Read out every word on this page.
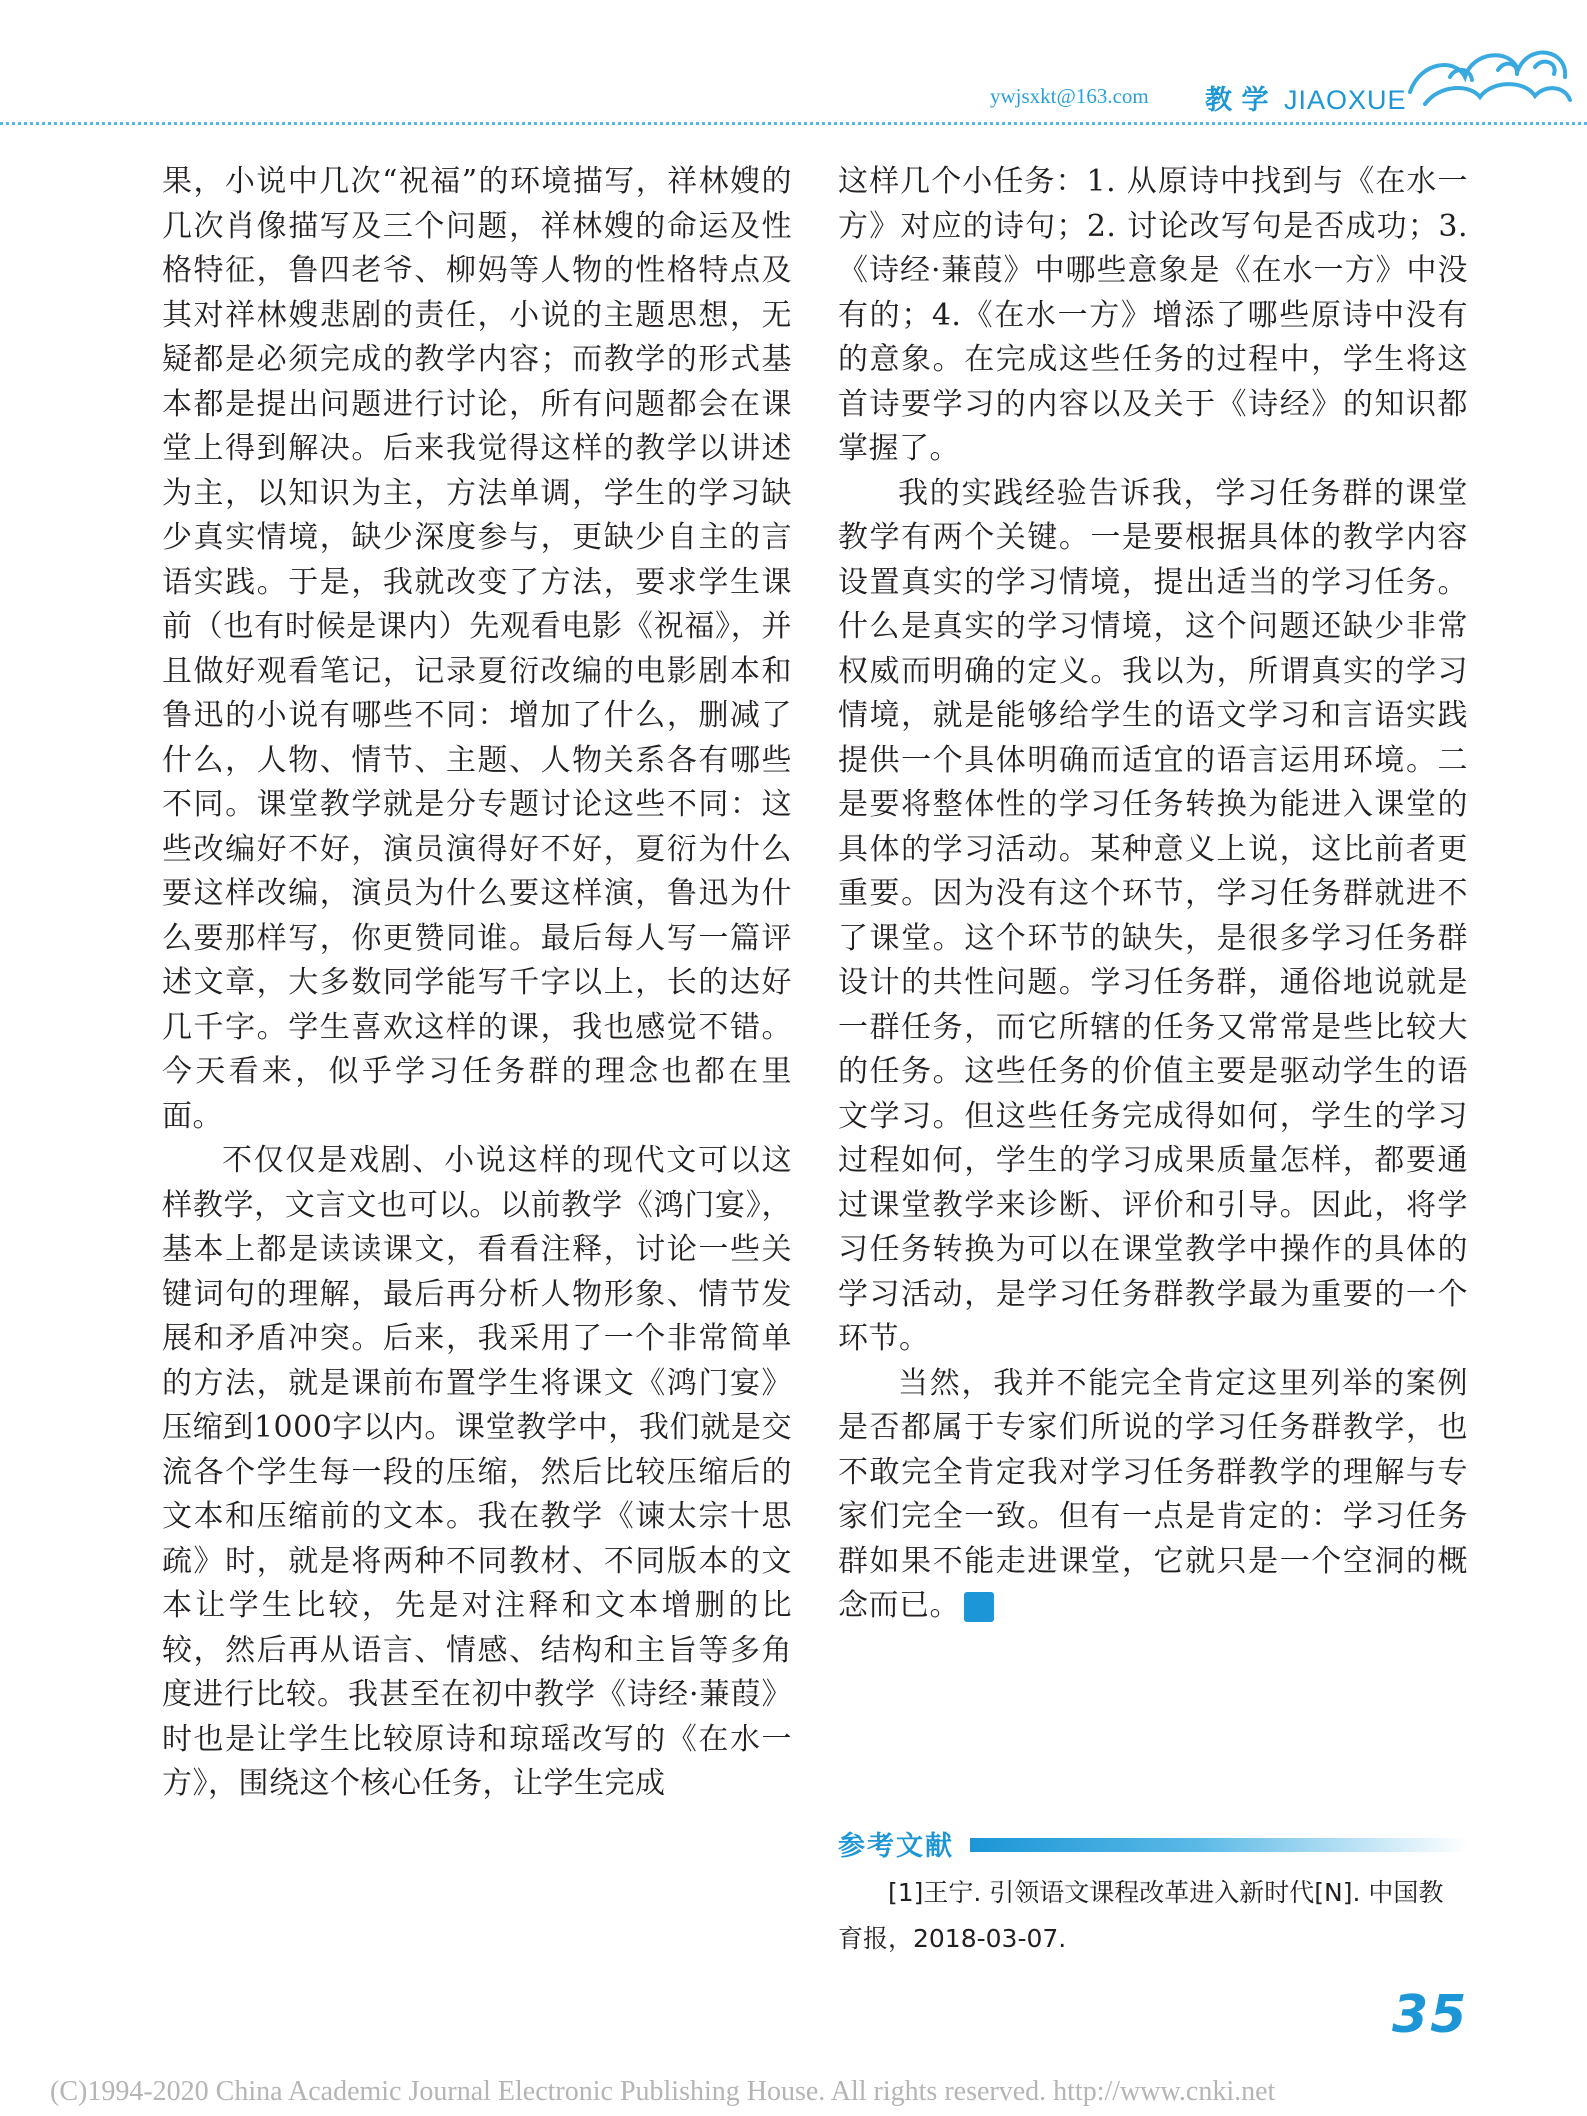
ywjsxkt@163.com 教 学 JIAOXUE

果，小说中几次“祝福”的环境描写，祥林嫂的几次肖像描写及三个问题，祥林嫂的命运及性格特征，鲁四老爷、柳妈等人物的性格特点及其对祥林嫂悲剧的责任，小说的主题思想，无疑都是必须完成的教学内容；而教学的形式基本都是提出问题进行讨论，所有问题都会在课堂上得到解决。后来我觉得这样的教学以讲述为主，以知识为主，方法单调，学生的学习缺少真实情境，缺少深度参与，更缺少自主的言语实践。于是，我就改变了方法，要求学生课前（也有时候是课内）先观看电影《祝福》，并且做好观看笔记，记录夏衍改编的电影剧本和鲁迅的小说有哪些不同：增加了什么，删减了什么，人物、情节、主题、人物关系各有哪些不同。课堂教学就是分专题讨论这些不同：这些改编好不好，演员演得好不好，夏衍为什么要这样改编，演员为什么要这样演，鲁迅为什么要那样写，你更赞同谁。最后每人写一篇评述文章，大多数同学能写千字以上，长的达好几千字。学生喜欢这样的课，我也感觉不错。今天看来，似乎学习任务群的理念也都在里面。

不仅仅是戏剧、小说这样的现代文可以这样教学，文言文也可以。以前教学《鸿门宴》，基本上都是读读课文，看看注释，讨论一些关键词句的理解，最后再分析人物形象、情节发展和矛盾冲突。后来，我采用了一个非常简单的方法，就是课前布置学生将课文《鸿门宴》压缩到1000字以内。课堂教学中，我们就是交流各个学生每一段的压缩，然后比较压缩后的文本和压缩前的文本。我在教学《谏太宗十思疏》时，就是将两种不同教材、不同版本的文本让学生比较，先是对注释和文本增删的比较，然后再从语言、情感、结构和主旨等多角度进行比较。我甚至在初中教学《诗经·蒹葭》时也是让学生比较原诗和琼瑶改写的《在水一方》，围绕这个核心任务，让学生完成

这样几个小任务：1. 从原诗中找到与《在水一方》对应的诗句；2. 讨论改写句是否成功；3.《诗经·蒹葭》中哪些意象是《在水一方》中没有的；4.《在水一方》增添了哪些原诗中没有的意象。在完成这些任务的过程中，学生将这首诗要学习的内容以及关于《诗经》的知识都掌握了。

我的实践经验告诉我，学习任务群的课堂教学有两个关键。一是要根据具体的教学内容设置真实的学习情境，提出适当的学习任务。什么是真实的学习情境，这个问题还缺少非常权威而明确的定义。我以为，所谓真实的学习情境，就是能够给学生的语文学习和言语实践提供一个具体明确而适宜的语言运用环境。二是要将整体性的学习任务转换为能进入课堂的具体的学习活动。某种意义上说，这比前者更重要。因为没有这个环节，学习任务群就进不了课堂。这个环节的缺失，是很多学习任务群设计的共性问题。学习任务群，通俗地说就是一群任务，而它所辖的任务又常常是些比较大的任务。这些任务的价值主要是驱动学生的语文学习。但这些任务完成得如何，学生的学习过程如何，学生的学习成果质量怎样，都要通过课堂教学来诊断、评价和引导。因此，将学习任务转换为可以在课堂教学中操作的具体的学习活动，是学习任务群教学最为重要的一个环节。

当然，我并不能完全肯定这里列举的案例是否都属于专家们所说的学习任务群教学，也不敢完全肯定我对学习任务群教学的理解与专家们完全一致。但有一点是肯定的：学习任务群如果不能走进课堂，它就只是一个空洞的概念而已。	语

参考文献
[1]王宁. 引领语文课程改革进入新时代[N]. 中国教育报，2018-03-07.
35
(C)1994-2020 China Academic Journal Electronic Publishing House. All rights reserved. http://www.cnki.net
